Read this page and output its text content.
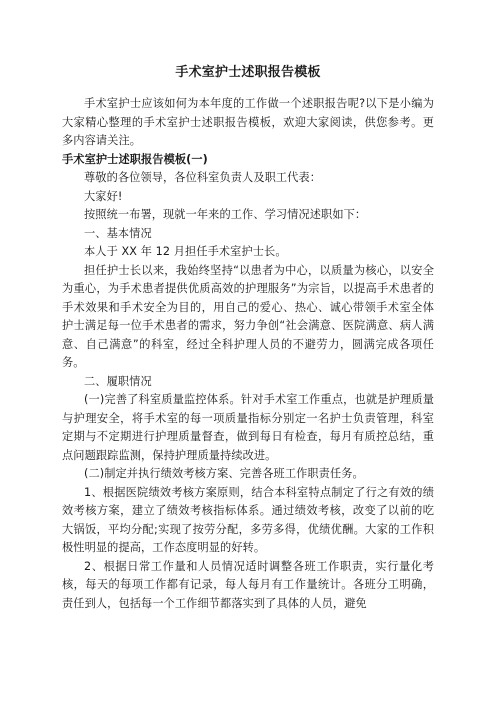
手术室护士述职报告模板

手术室护士应该如何为本年度的工作做一个述职报告呢?以下是小编为大家精心整理的手术室护士述职报告模板，欢迎大家阅读，供您参考。更多内容请关注。

手术室护士述职报告模板(一)

尊敬的各位领导，各位科室负责人及职工代表：

大家好!

按照统一布署，现就一年来的工作、学习情况述职如下：

一、基本情况

本人于 XX 年 12 月担任手术室护士长。

担任护士长以来，我始终坚持“以患者为中心，以质量为核心，以安全为重心，为手术患者提供优质高效的护理服务”为宗旨，以提高手术患者的手术效果和手术安全为目的，用自己的爱心、热心、诚心带领手术室全体护士满足每一位手术患者的需求，努力争创“社会满意、医院满意、病人满意、自己满意”的科室，经过全科护理人员的不避劳力，圆满完成各项任务。

二、履职情况

(一)完善了科室质量监控体系。针对手术室工作重点，也就是护理质量与护理安全，将手术室的每一项质量指标分别定一名护士负责管理，科室定期与不定期进行护理质量督查，做到每日有检查，每月有质控总结，重点问题跟踪监测，保持护理质量持续改进。

(二)制定并执行绩效考核方案、完善各班工作职责任务。

1、根据医院绩效考核方案原则，结合本科室特点制定了行之有效的绩效考核方案，建立了绩效考核指标体系。通过绩效考核，改变了以前的吃大锅饭，平均分配;实现了按劳分配，多劳多得，优绩优酬。大家的工作积极性明显的提高，工作态度明显的好转。

2、根据日常工作量和人员情况适时调整各班工作职责，实行量化考核，每天的每项工作都有记录，每人每月有工作量统计。各班分工明确，责任到人，包括每一个工作细节都落实到了具体的人员，避免
